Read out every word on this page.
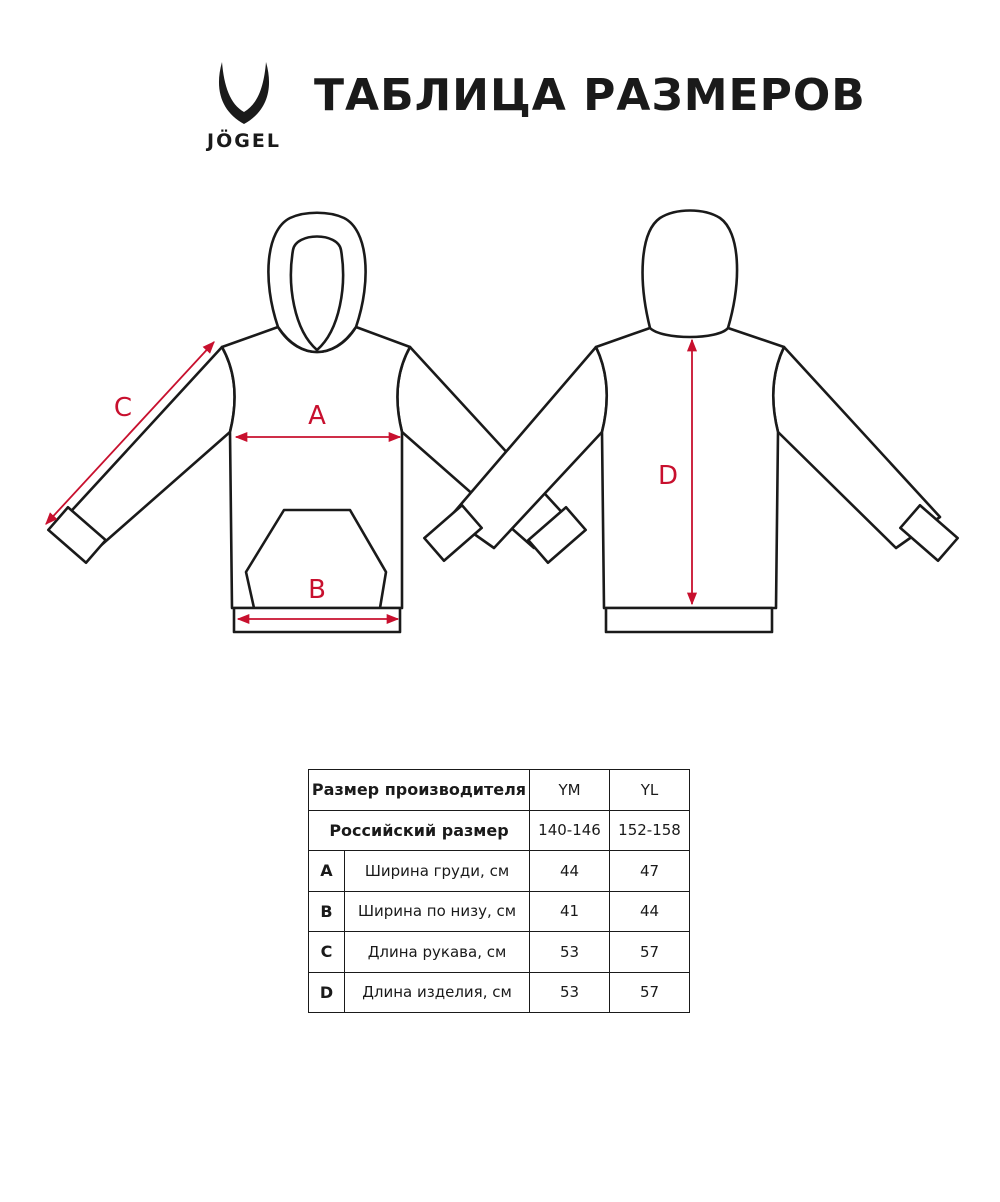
JÖGEL
ТАБЛИЦА РАЗМЕРОВ
A
B
C
D
Размер производителя		YM	YL
Российский размер		140-146	152-158
A	Ширина груди, см	44	47
B	Ширина по низу, см	41	44
C	Длина рукава, см	53	57
D	Длина изделия, см	53	57
